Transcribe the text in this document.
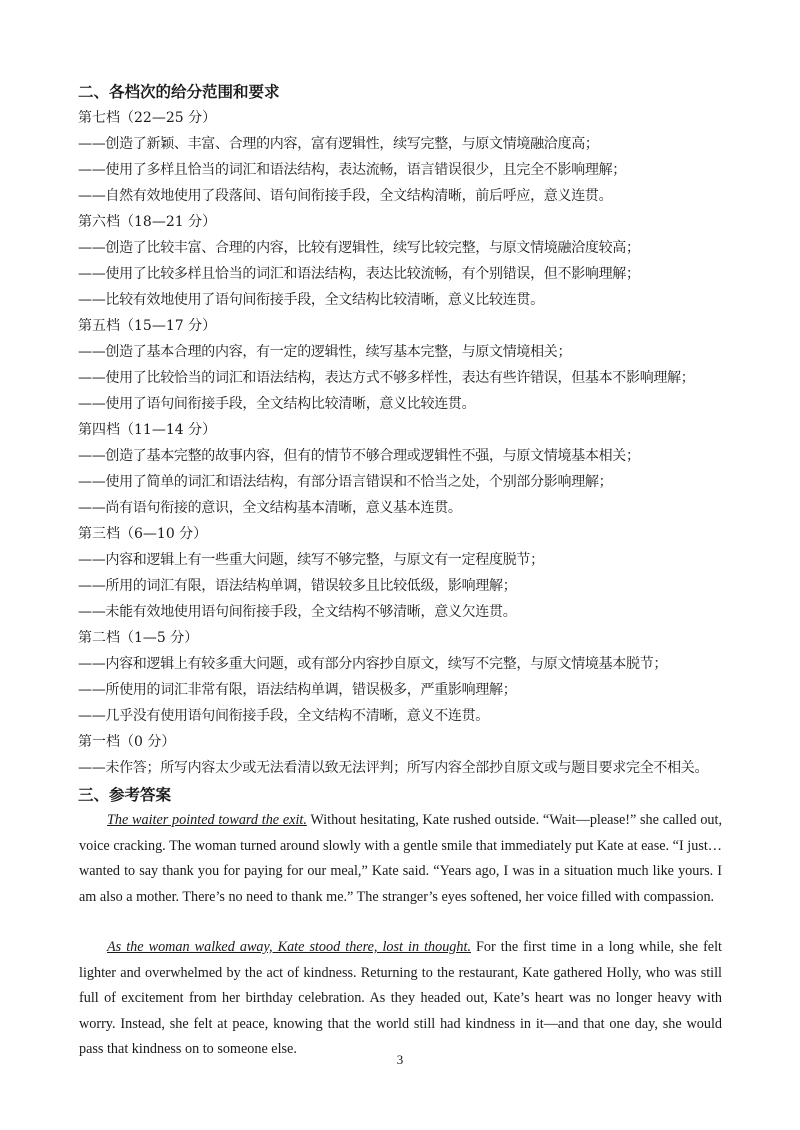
二、各档次的给分范围和要求
第七档（22—25 分）
——创造了新颖、丰富、合理的内容，富有逻辑性，续写完整，与原文情境融洽度高；
——使用了多样且恰当的词汇和语法结构，表达流畅，语言错误很少，且完全不影响理解；
——自然有效地使用了段落间、语句间衔接手段，全文结构清晰，前后呼应，意义连贯。
第六档（18—21 分）
——创造了比较丰富、合理的内容，比较有逻辑性，续写比较完整，与原文情境融洽度较高；
——使用了比较多样且恰当的词汇和语法结构，表达比较流畅，有个别错误，但不影响理解；
——比较有效地使用了语句间衔接手段，全文结构比较清晰，意义比较连贯。
第五档（15—17 分）
——创造了基本合理的内容，有一定的逻辑性，续写基本完整，与原文情境相关；
——使用了比较恰当的词汇和语法结构，表达方式不够多样性，表达有些许错误，但基本不影响理解；
——使用了语句间衔接手段，全文结构比较清晰，意义比较连贯。
第四档（11—14 分）
——创造了基本完整的故事内容，但有的情节不够合理或逻辑性不强，与原文情境基本相关；
——使用了简单的词汇和语法结构，有部分语言错误和不恰当之处，个别部分影响理解；
——尚有语句衔接的意识，全文结构基本清晰，意义基本连贯。
第三档（6—10 分）
——内容和逻辑上有一些重大问题，续写不够完整，与原文有一定程度脱节；
——所用的词汇有限，语法结构单调，错误较多且比较低级，影响理解；
——未能有效地使用语句间衔接手段，全文结构不够清晰，意义欠连贯。
第二档（1—5 分）
——内容和逻辑上有较多重大问题，或有部分内容抄自原文，续写不完整，与原文情境基本脱节；
——所使用的词汇非常有限，语法结构单调，错误极多，严重影响理解；
——几乎没有使用语句间衔接手段，全文结构不清晰，意义不连贯。
第一档（0 分）
——未作答；所写内容太少或无法看清以致无法评判；所写内容全部抄自原文或与题目要求完全不相关。
三、参考答案
The waiter pointed toward the exit. Without hesitating, Kate rushed outside. “Wait—please!” she called out, voice cracking. The woman turned around slowly with a gentle smile that immediately put Kate at ease. “I just… wanted to say thank you for paying for our meal,” Kate said. “Years ago, I was in a situation much like yours. I am also a mother. There’s no need to thank me.” The stranger’s eyes softened, her voice filled with compassion.
As the woman walked away, Kate stood there, lost in thought. For the first time in a long while, she felt lighter and overwhelmed by the act of kindness. Returning to the restaurant, Kate gathered Holly, who was still full of excitement from her birthday celebration. As they headed out, Kate’s heart was no longer heavy with worry. Instead, she felt at peace, knowing that the world still had kindness in it—and that one day, she would pass that kindness on to someone else.
3
